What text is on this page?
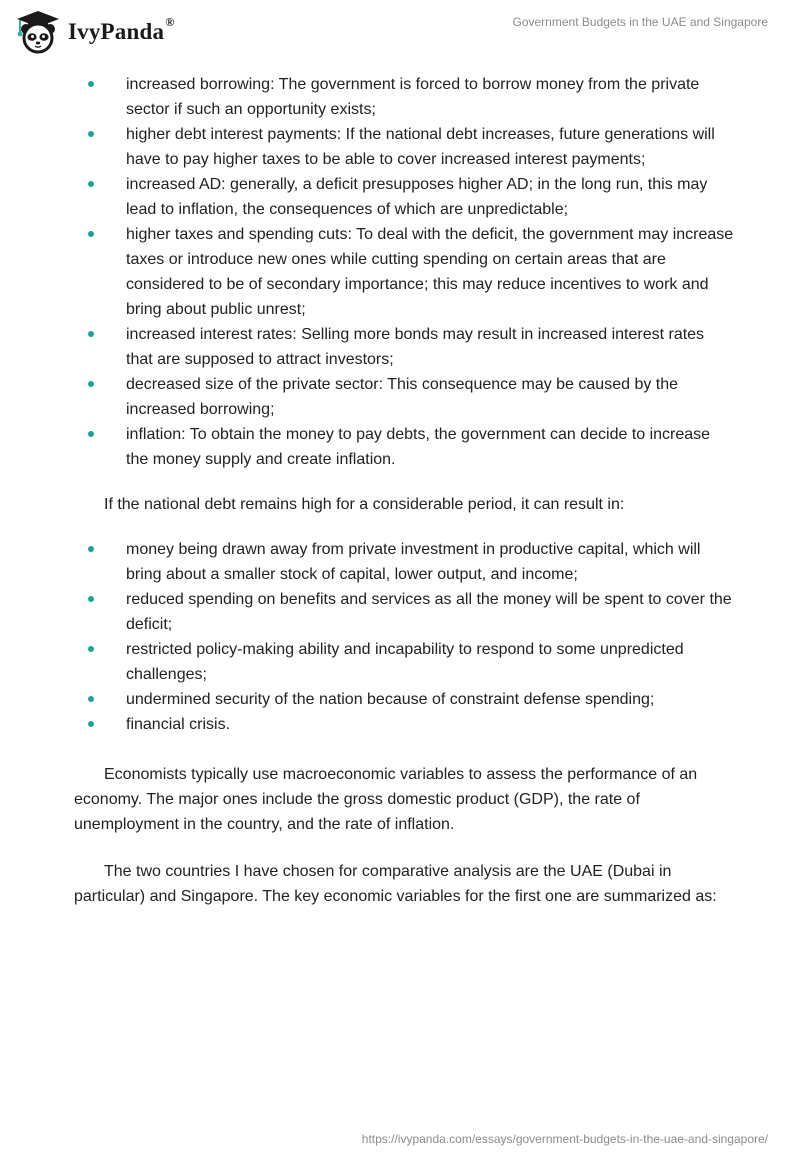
IvyPanda®	Government Budgets in the UAE and Singapore
increased borrowing: The government is forced to borrow money from the private sector if such an opportunity exists;
higher debt interest payments: If the national debt increases, future generations will have to pay higher taxes to be able to cover increased interest payments;
increased AD: generally, a deficit presupposes higher AD; in the long run, this may lead to inflation, the consequences of which are unpredictable;
higher taxes and spending cuts: To deal with the deficit, the government may increase taxes or introduce new ones while cutting spending on certain areas that are considered to be of secondary importance; this may reduce incentives to work and bring about public unrest;
increased interest rates: Selling more bonds may result in increased interest rates that are supposed to attract investors;
decreased size of the private sector: This consequence may be caused by the increased borrowing;
inflation: To obtain the money to pay debts, the government can decide to increase the money supply and create inflation.

If the national debt remains high for a considerable period, it can result in:

money being drawn away from private investment in productive capital, which will bring about a smaller stock of capital, lower output, and income;
reduced spending on benefits and services as all the money will be spent to cover the deficit;
restricted policy-making ability and incapability to respond to some unpredicted challenges;
undermined security of the nation because of constraint defense spending;
financial crisis.

Economists typically use macroeconomic variables to assess the performance of an economy. The major ones include the gross domestic product (GDP), the rate of unemployment in the country, and the rate of inflation.

The two countries I have chosen for comparative analysis are the UAE (Dubai in particular) and Singapore. The key economic variables for the first one are summarized as:

https://ivypanda.com/essays/government-budgets-in-the-uae-and-singapore/
